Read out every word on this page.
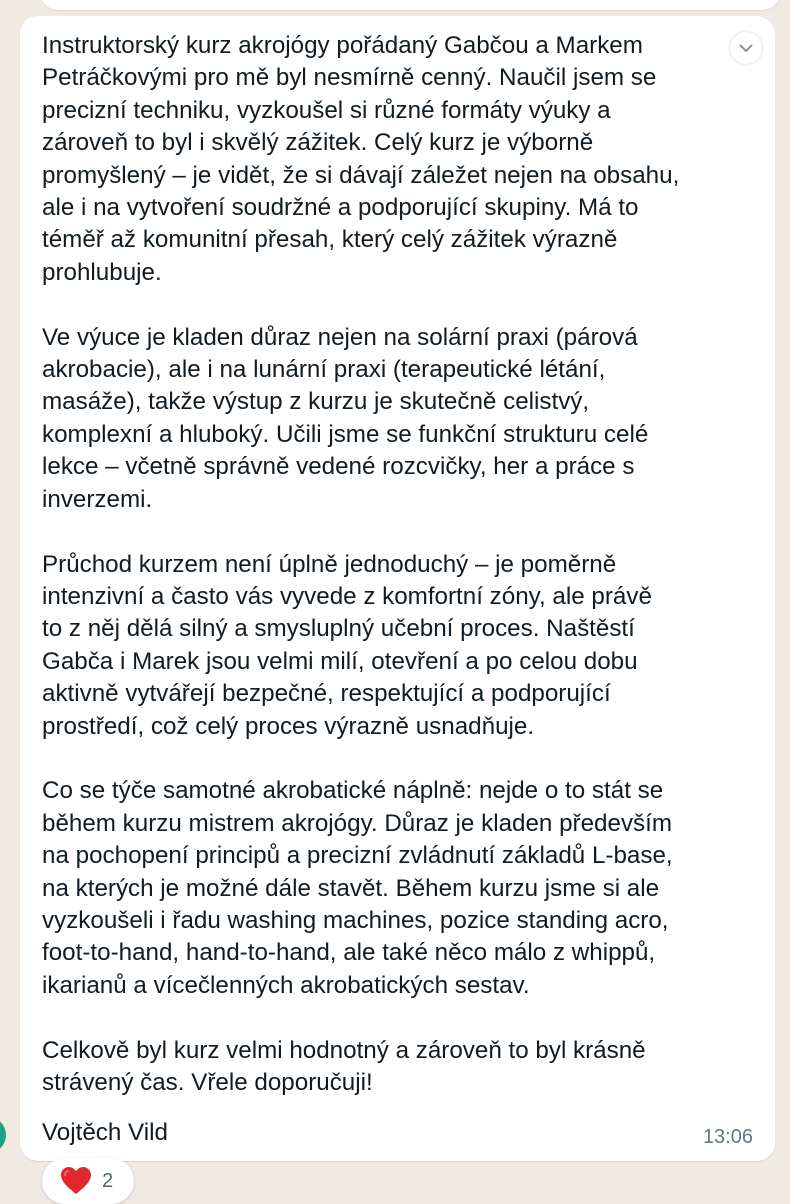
Instruktorský kurz akrojógy pořádaný Gabčou a Markem
Petráčkovými pro mě byl nesmírně cenný. Naučil jsem se
precizní techniku, vyzkoušel si různé formáty výuky a
zároveň to byl i skvělý zážitek. Celý kurz je výborně
promyšlený – je vidět, že si dávají záležet nejen na obsahu,
ale i na vytvoření soudržné a podporující skupiny. Má to
téměř až komunitní přesah, který celý zážitek výrazně
prohlubuje.

Ve výuce je kladen důraz nejen na solární praxi (párová
akrobacie), ale i na lunární praxi (terapeutické létání,
masáže), takže výstup z kurzu je skutečně celistvý,
komplexní a hluboký. Učili jsme se funkční strukturu celé
lekce – včetně správně vedené rozcvičky, her a práce s
inverzemi.

Průchod kurzem není úplně jednoduchý – je poměrně
intenzivní a často vás vyvede z komfortní zóny, ale právě
to z něj dělá silný a smysluplný učební proces. Naštěstí
Gabča i Marek jsou velmi milí, otevření a po celou dobu
aktivně vytvářejí bezpečné, respektující a podporující
prostředí, což celý proces výrazně usnadňuje.

Co se týče samotné akrobatické náplně: nejde o to stát se
během kurzu mistrem akrojógy. Důraz je kladen především
na pochopení principů a precizní zvládnutí základů L-base,
na kterých je možné dále stavět. Během kurzu jsme si ale
vyzkoušeli i řadu washing machines, pozice standing acro,
foot-to-hand, hand-to-hand, ale také něco málo z whippů,
ikarianů a vícečlenných akrobatických sestav.

Celkově byl kurz velmi hodnotný a zároveň to byl krásně
strávený čas. Vřele doporučuji!

Vojtěch Vild	13:06
2
